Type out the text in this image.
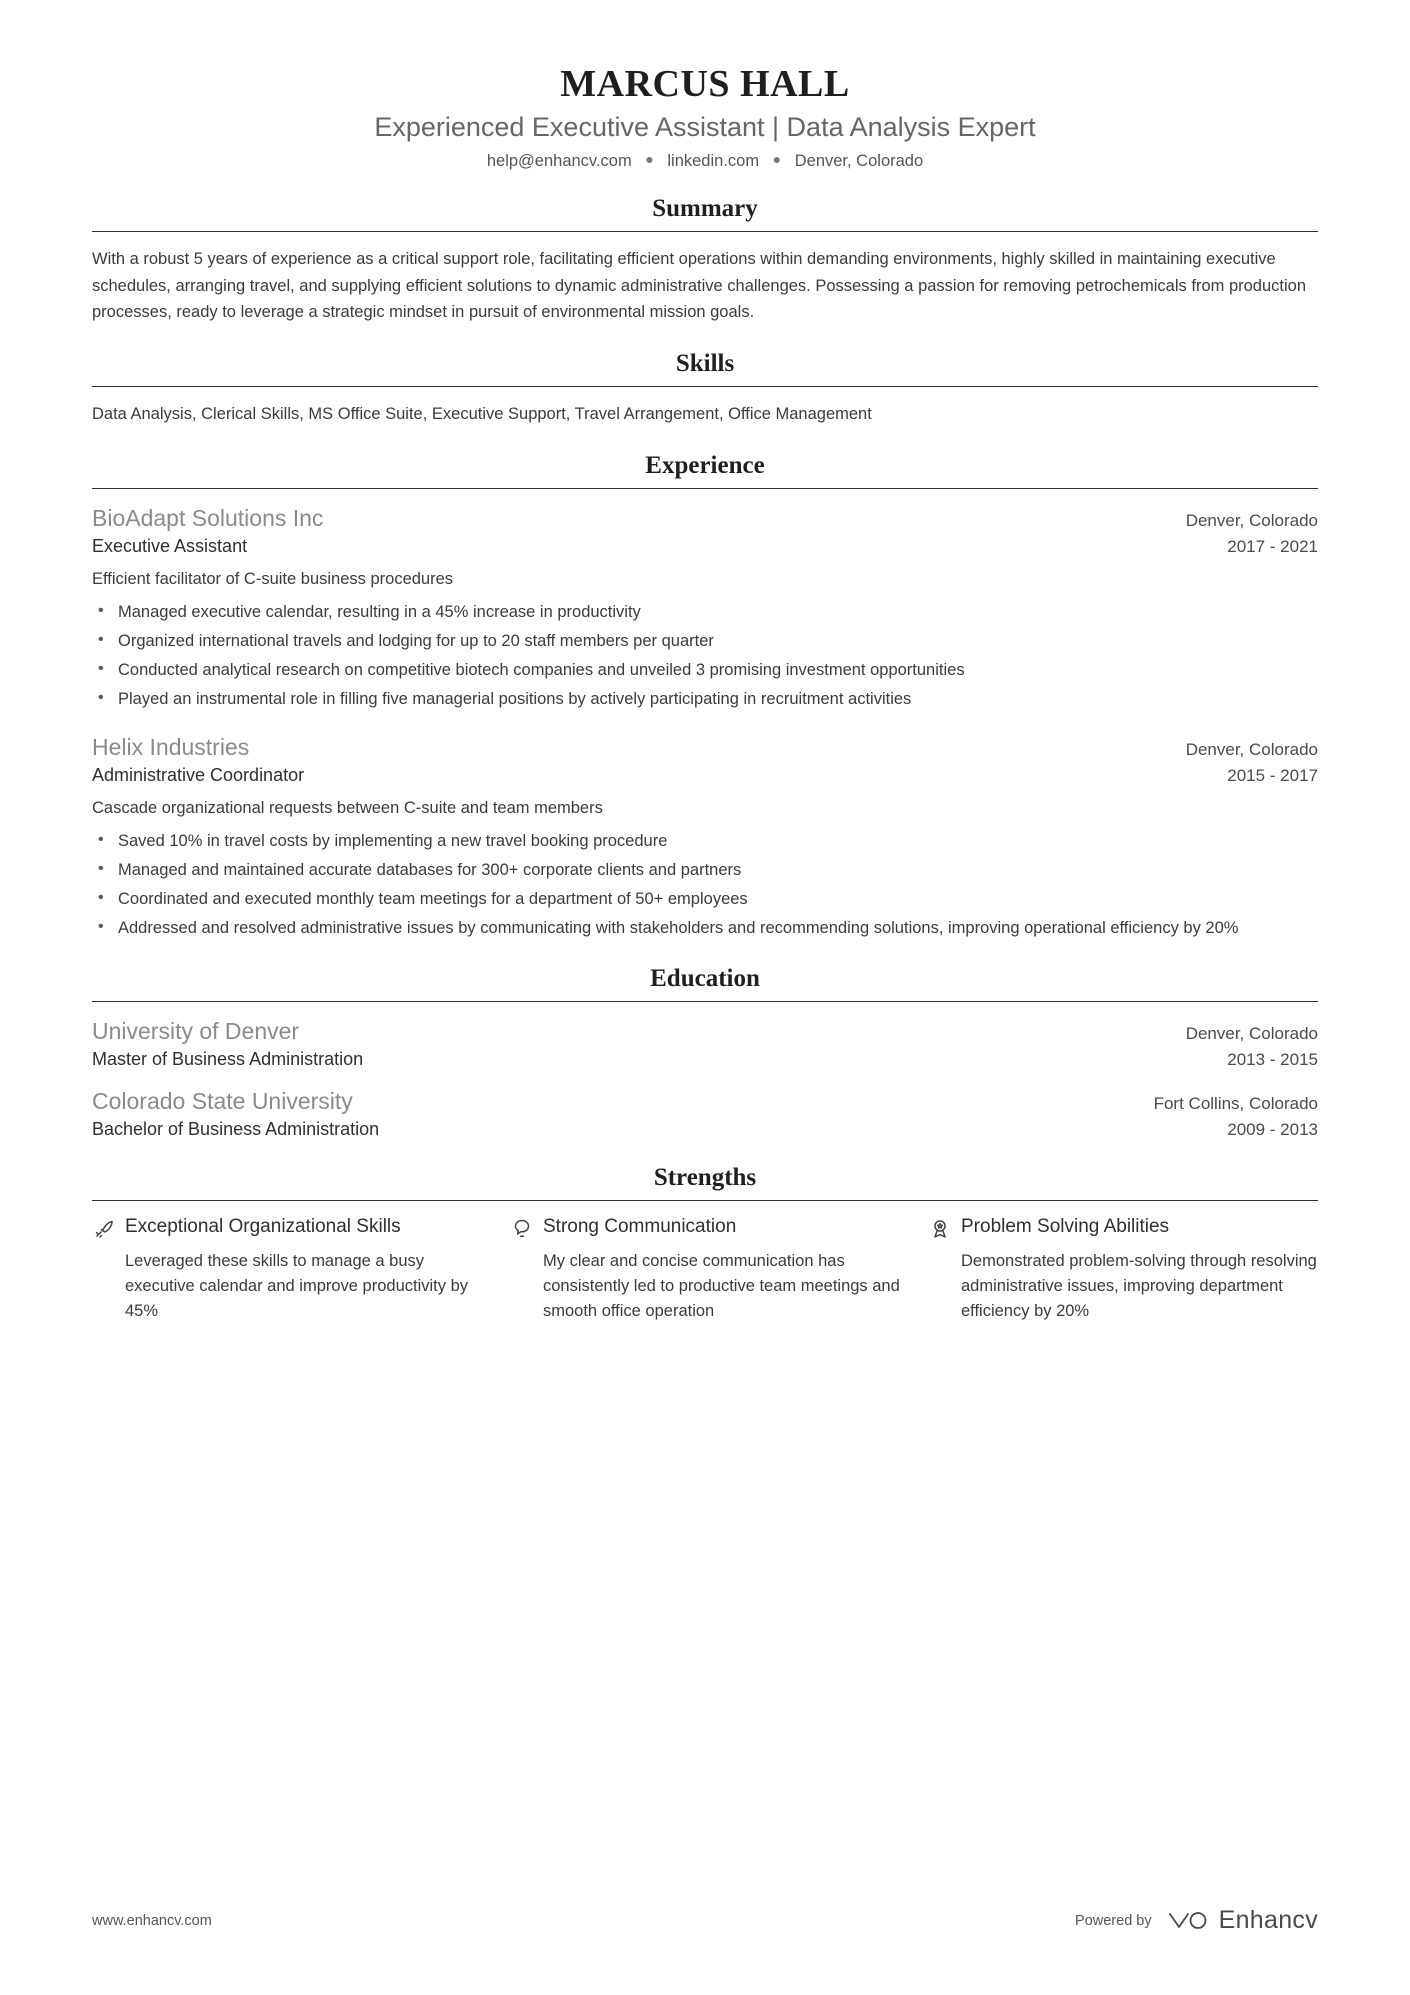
MARCUS HALL
Experienced Executive Assistant | Data Analysis Expert
help@enhancv.com ● linkedin.com ● Denver, Colorado
Summary

With a robust 5 years of experience as a critical support role, facilitating efficient operations within demanding environments, highly skilled in maintaining executive schedules, arranging travel, and supplying efficient solutions to dynamic administrative challenges. Possessing a passion for removing petrochemicals from production processes, ready to leverage a strategic mindset in pursuit of environmental mission goals.

Skills

Data Analysis, Clerical Skills, MS Office Suite, Executive Support, Travel Arrangement, Office Management

Experience
BioAdapt Solutions Inc	Denver, Colorado
Executive Assistant	2017 - 2021
Efficient facilitator of C-suite business procedures
• Managed executive calendar, resulting in a 45% increase in productivity
• Organized international travels and lodging for up to 20 staff members per quarter
• Conducted analytical research on competitive biotech companies and unveiled 3 promising investment opportunities
• Played an instrumental role in filling five managerial positions by actively participating in recruitment activities
Helix Industries	Denver, Colorado
Administrative Coordinator	2015 - 2017
Cascade organizational requests between C-suite and team members
• Saved 10% in travel costs by implementing a new travel booking procedure
• Managed and maintained accurate databases for 300+ corporate clients and partners
• Coordinated and executed monthly team meetings for a department of 50+ employees
• Addressed and resolved administrative issues by communicating with stakeholders and recommending solutions, improving operational efficiency by 20%
Education
University of Denver	Denver, Colorado
Master of Business Administration	2013 - 2015
Colorado State University	Fort Collins, Colorado
Bachelor of Business Administration	2009 - 2013
Strengths
Exceptional Organizational Skills
Leveraged these skills to manage a busy executive calendar and improve productivity by 45%
Strong Communication
My clear and concise communication has consistently led to productive team meetings and smooth office operation
Problem Solving Abilities
Demonstrated problem-solving through resolving administrative issues, improving department efficiency by 20%
www.enhancv.com	Powered by	Enhancv
